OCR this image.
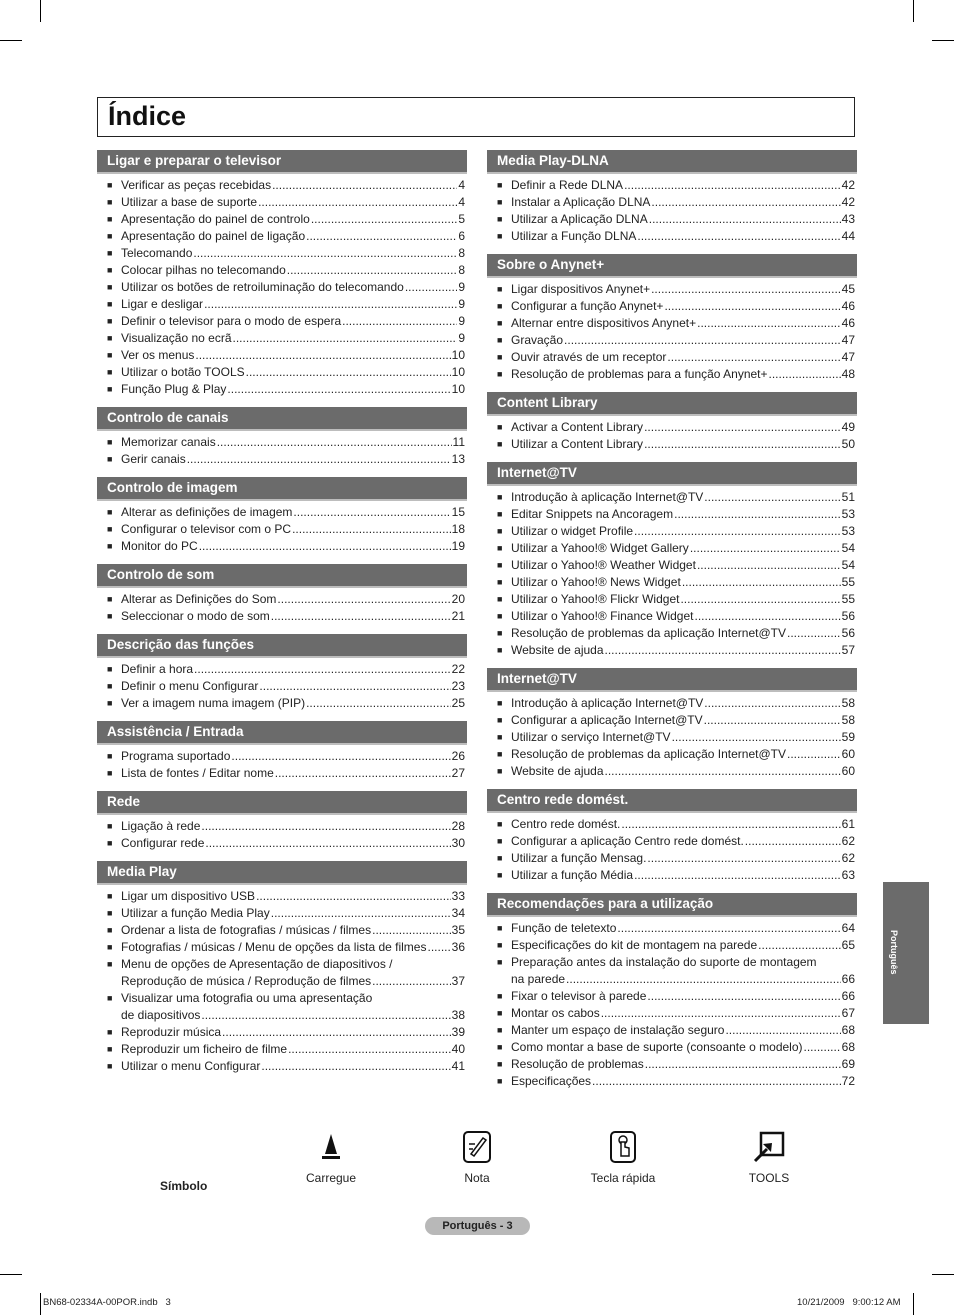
Índice
Ligar e preparar o televisor
■ Verificar as peças recebidas .....	4
■ Utilizar a base de suporte .....	4
■ Apresentação do painel de controlo .....	5
■ Apresentação do painel de ligação .....	6
■ Telecomando .....	8
■ Colocar pilhas no telecomando .....	8
■ Utilizar os botões de retroiluminação do telecomando .....	9
■ Ligar e desligar .....	9
■ Definir o televisor para o modo de espera .....	9
■ Visualização no ecrã .....	9
■ Ver os menus .....	10
■ Utilizar o botão TOOLS .....	10
■ Função Plug & Play .....	10
Controlo de canais
■ Memorizar canais .....	11
■ Gerir canais .....	13
Controlo de imagem
■ Alterar as definições de imagem .....	15
■ Configurar o televisor com o PC .....	18
■ Monitor do PC .....	19
Controlo de som
■ Alterar as Definições do Som .....	20
■ Seleccionar o modo de som .....	21
Descrição das funções
■ Definir a hora .....	22
■ Definir o menu Configurar .....	23
■ Ver a imagem numa imagem (PIP) .....	25
Assistência / Entrada
■ Programa suportado .....	26
■ Lista de fontes / Editar nome .....	27
Rede
■ Ligação à rede .....	28
■ Configurar rede .....	30
Media Play
■ Ligar um dispositivo USB .....	33
■ Utilizar a função Media Play .....	34
■ Ordenar a lista de fotografias / músicas / filmes .....	35
■ Fotografias / músicas / Menu de opções da lista de filmes ..... 36
■ Menu de opções de Apresentação de diapositivos /
Reprodução de música / Reprodução de filmes .....	37
■ Visualizar uma fotografia ou uma apresentação
de diapositivos .....	38
■ Reproduzir música .....	39
■ Reproduzir um ficheiro de filme .....	40
■ Utilizar o menu Configurar .....	41
Media Play-DLNA
■ Definir a Rede DLNA .....	42
■ Instalar a Aplicação DLNA .....	42
■ Utilizar a Aplicação DLNA .....	43
■ Utilizar a Função DLNA .....	44
Sobre o Anynet+
■ Ligar dispositivos Anynet+ .....	45
■ Configurar a função Anynet+ .....	46
■ Alternar entre dispositivos Anynet+ .....	46
■ Gravação .....	47
■ Ouvir através de um receptor .....	47
■ Resolução de problemas para a função Anynet+ .....	48
Content Library
■ Activar a Content Library .....	49
■ Utilizar a Content Library .....	50
Internet@TV
■ Introdução à aplicação Internet@TV .....	51
■ Editar Snippets na Ancoragem .....	53
■ Utilizar o widget Profile .....	53
■ Utilizar a Yahoo!® Widget Gallery .....	54
■ Utilizar o Yahoo!® Weather Widget .....	54
■ Utilizar o Yahoo!® News Widget .....	55
■ Utilizar o Yahoo!® Flickr Widget .....	55
■ Utilizar o Yahoo!® Finance Widget .....	56
■ Resolução de problemas da aplicação Internet@TV .....	56
■ Website de ajuda .....	57
Internet@TV
■ Introdução à aplicação Internet@TV .....	58
■ Configurar a aplicação Internet@TV .....	58
■ Utilizar o serviço Internet@TV .....	59
■ Resolução de problemas da aplicação Internet@TV .....	60
■ Website de ajuda .....	60
Centro rede domést.
■ Centro rede domést. .....	61
■ Configurar a aplicação Centro rede domést. .....	62
■ Utilizar a função Mensag. .....	62
■ Utilizar a função Média .....	63
Recomendações para a utilização
■ Função de teletexto .....	64
■ Especificações do kit de montagem na parede .....	65
■ Preparação antes da instalação do suporte de montagem
na parede .....	66
■ Fixar o televisor à parede .....	66
■ Montar os cabos .....	67
■ Manter um espaço de instalação seguro .....	68
■ Como montar a base de suporte (consoante o modelo) .....	68
■ Resolução de problemas .....	69
■ Especificações .....	72
Português
Símbolo
Carregue	Nota	Tecla rápida	TOOLS
Português - 3
BN68-02334A-00POR.indb   3	10/21/2009   9:00:12 AM
